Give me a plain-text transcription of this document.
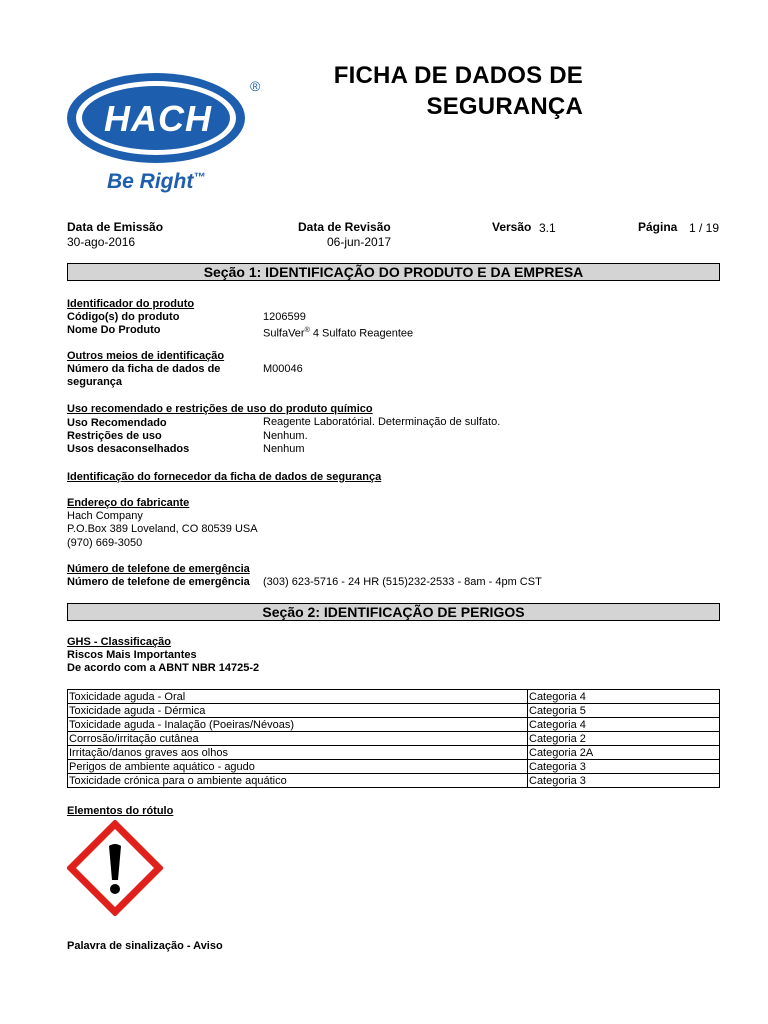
HACH
®
Be Right™
FICHA DE DADOS DE
SEGURANÇA
Data de Emissão
30-ago-2016
Data de Revisão
06-jun-2017
Versão 3.1	Página 1 / 19
Seção 1: IDENTIFICAÇÃO DO PRODUTO E DA EMPRESA
Identificador do produto
Código(s) do produto	1206599
Nome Do Produto	SulfaVer® 4 Sulfato Reagentee
Outros meios de identificação
Número da ficha de dados de
segurança
M00046
Uso recomendado e restrições de uso do produto químico
Uso Recomendado	Reagente Laboratórial. Determinação de sulfato.
Restrições de uso	Nenhum.
Usos desaconselhados	Nenhum
Identificação do fornecedor da ficha de dados de segurança
Endereço do fabricante
Hach Company
P.O.Box 389 Loveland, CO 80539 USA
(970) 669-3050
Número de telefone de emergência
Número de telefone de emergência (303) 623-5716 - 24 HR (515)232-2533 - 8am - 4pm CST
Seção 2: IDENTIFICAÇÃO DE PERIGOS
GHS - Classificação
Riscos Mais Importantes
De acordo com a ABNT NBR 14725-2
Toxicidade aguda - Oral	Categoria 4
Toxicidade aguda - Dérmica	Categoria 5
Toxicidade aguda - Inalação (Poeiras/Névoas)	Categoria 4
Corrosão/irritação cutânea	Categoria 2
Irritação/danos graves aos olhos	Categoria 2A
Perigos de ambiente aquático - agudo	Categoria 3
Toxicidade crónica para o ambiente aquático	Categoria 3
Elementos do rótulo
Palavra de sinalização - Aviso
